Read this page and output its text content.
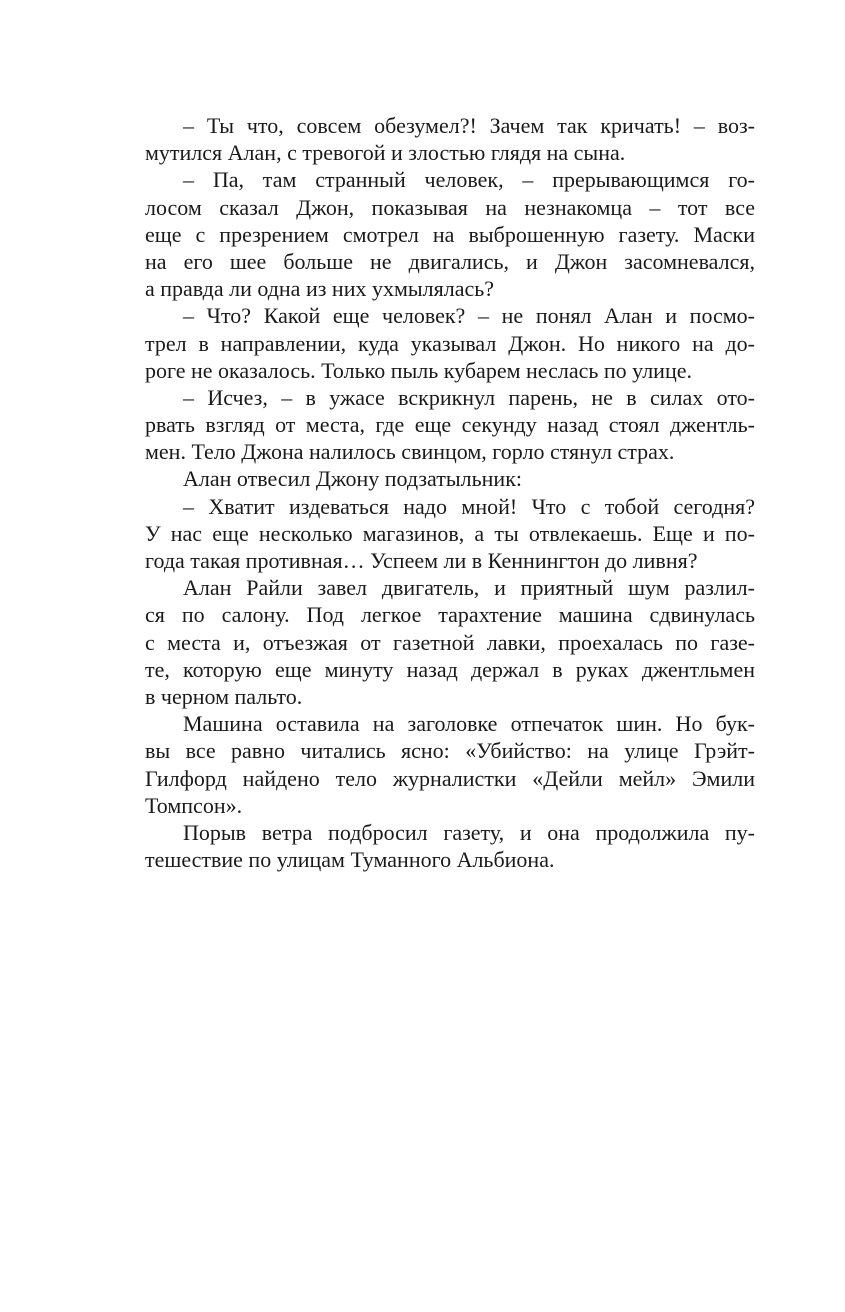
– Ты что, совсем обезумел?! Зачем так кричать! – воз-
мутился Алан, с тревогой и злостью глядя на сына.
– Па, там странный человек, – прерывающимся го-
лосом сказал Джон, показывая на незнакомца – тот все
еще с презрением смотрел на выброшенную газету. Маски
на его шее больше не двигались, и Джон засомневался,
а правда ли одна из них ухмылялась?
– Что? Какой еще человек? – не понял Алан и посмо-
трел в направлении, куда указывал Джон. Но никого на до-
роге не оказалось. Только пыль кубарем неслась по улице.
– Исчез, – в ужасе вскрикнул парень, не в силах ото-
рвать взгляд от места, где еще секунду назад стоял джентль-
мен. Тело Джона налилось свинцом, горло стянул страх.
Алан отвесил Джону подзатыльник:
– Хватит издеваться надо мной! Что с тобой сегодня?
У нас еще несколько магазинов, а ты отвлекаешь. Еще и по-
года такая противная… Успеем ли в Кеннингтон до ливня?
Алан Райли завел двигатель, и приятный шум разлил-
ся по салону. Под легкое тарахтение машина сдвинулась
с места и, отъезжая от газетной лавки, проехалась по газе-
те, которую еще минуту назад держал в руках джентльмен
в черном пальто.
Машина оставила на заголовке отпечаток шин. Но бук-
вы все равно читались ясно: «Убийство: на улице Грэйт-
Гилфорд найдено тело журналистки «Дейли мейл» Эмили
Томпсон».
Порыв ветра подбросил газету, и она продолжила пу-
тешествие по улицам Туманного Альбиона.
